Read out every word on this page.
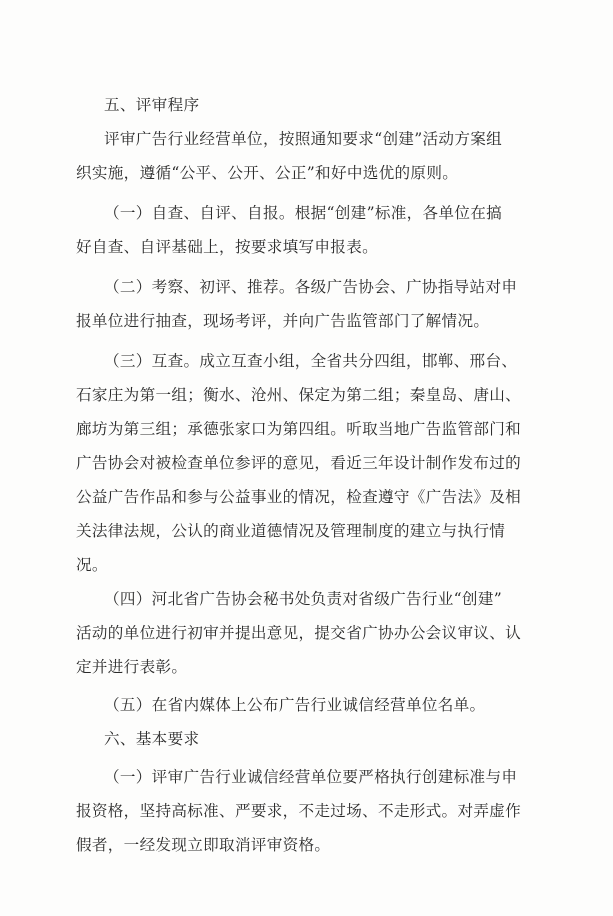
五、评审程序
评审广告行业经营单位，按照通知要求“创建”活动方案组
织实施，遵循“公平、公开、公正”和好中选优的原则。
（一）自查、自评、自报。根据“创建”标准，各单位在搞
好自查、自评基础上，按要求填写申报表。
（二）考察、初评、推荐。各级广告协会、广协指导站对申
报单位进行抽查，现场考评，并向广告监管部门了解情况。
（三）互查。成立互查小组，全省共分四组，邯郸、邢台、
石家庄为第一组；衡水、沧州、保定为第二组；秦皇岛、唐山、
廊坊为第三组；承德张家口为第四组。听取当地广告监管部门和
广告协会对被检查单位参评的意见，看近三年设计制作发布过的
公益广告作品和参与公益事业的情况，检查遵守《广告法》及相
关法律法规，公认的商业道德情况及管理制度的建立与执行情
况。
（四）河北省广告协会秘书处负责对省级广告行业“创建”
活动的单位进行初审并提出意见，提交省广协办公会议审议、认
定并进行表彰。
（五）在省内媒体上公布广告行业诚信经营单位名单。
六、基本要求
（一）评审广告行业诚信经营单位要严格执行创建标准与申
报资格，坚持高标准、严要求，不走过场、不走形式。对弄虚作
假者，一经发现立即取消评审资格。
